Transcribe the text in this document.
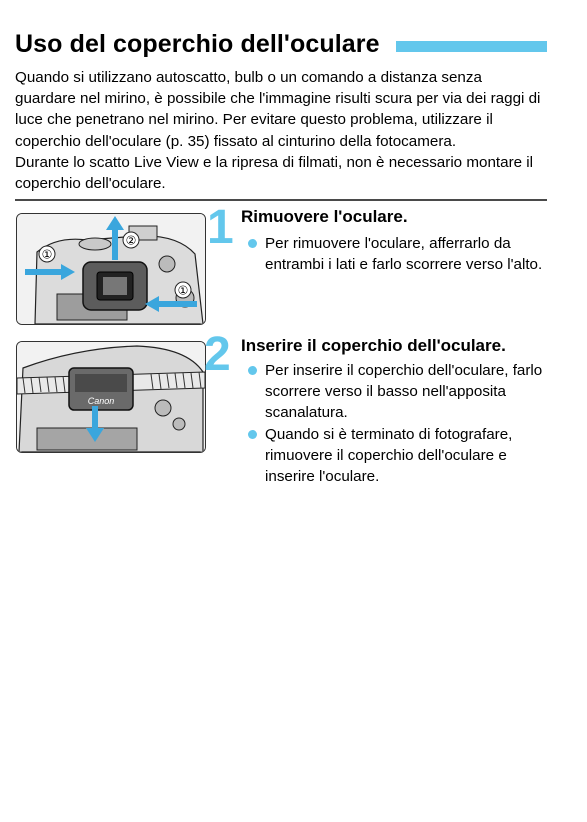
Uso del coperchio dell'oculare

Quando si utilizzano autoscatto, bulb o un comando a distanza senza guardare nel mirino, è possibile che l'immagine risulti scura per via dei raggi di luce che penetrano nel mirino. Per evitare questo problema, utilizzare il coperchio dell'oculare (p. 35) fissato al cinturino della fotocamera.

Durante lo scatto Live View e la ripresa di filmati, non è necessario montare il coperchio dell'oculare.

①
②
①
1 Rimuovere l'oculare.
Per rimuovere l'oculare, afferrarlo da entrambi i lati e farlo scorrere verso l'alto.
Canon
2 Inserire il coperchio dell'oculare.
Per inserire il coperchio dell'oculare, farlo scorrere verso il basso nell'apposita scanalatura.
Quando si è terminato di fotografare, rimuovere il coperchio dell'oculare e inserire l'oculare.
